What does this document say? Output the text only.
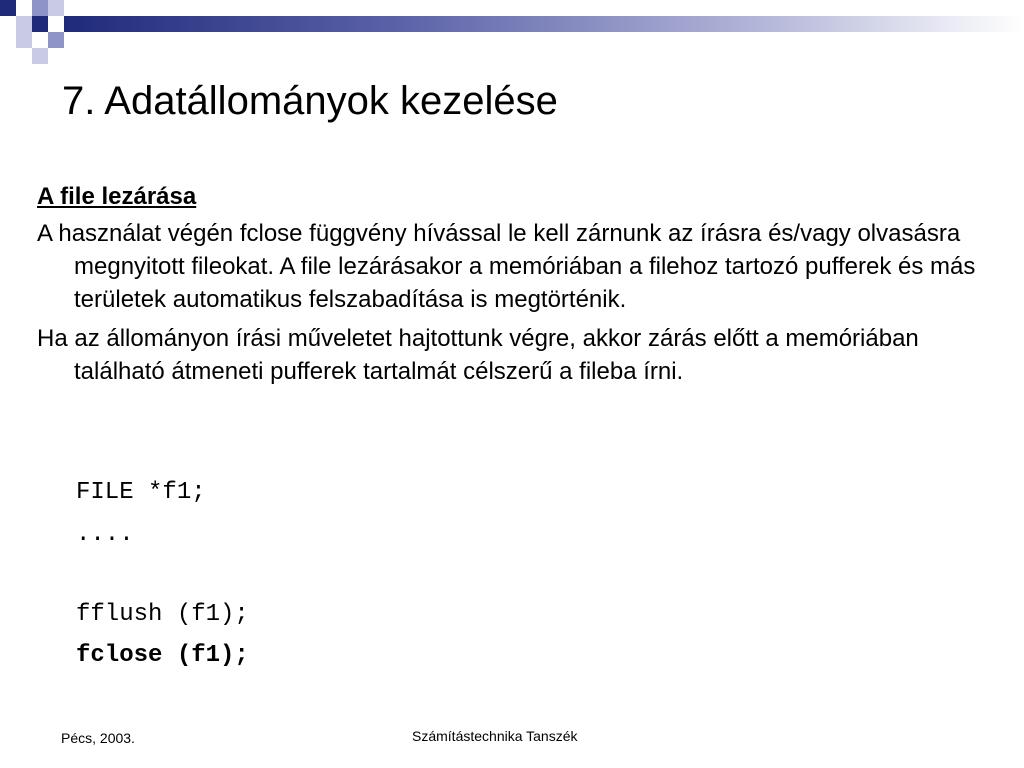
7. Adatállományok kezelése

A file lezárása

A használat végén fclose függvény hívással le kell zárnunk az írásra és/vagy olvasásra megnyitott fileokat. A file lezárásakor a memóriában a filehoz tartozó pufferek és más területek automatikus felszabadítása is megtörténik.

Ha az állományon írási műveletet hajtottunk végre, akkor zárás előtt a memóriában található átmeneti pufferek tartalmát célszerű a fileba írni.

FILE *f1;
....
fflush (f1);
fclose (f1);
Pécs, 2003.	Számítástechnika Tanszék
